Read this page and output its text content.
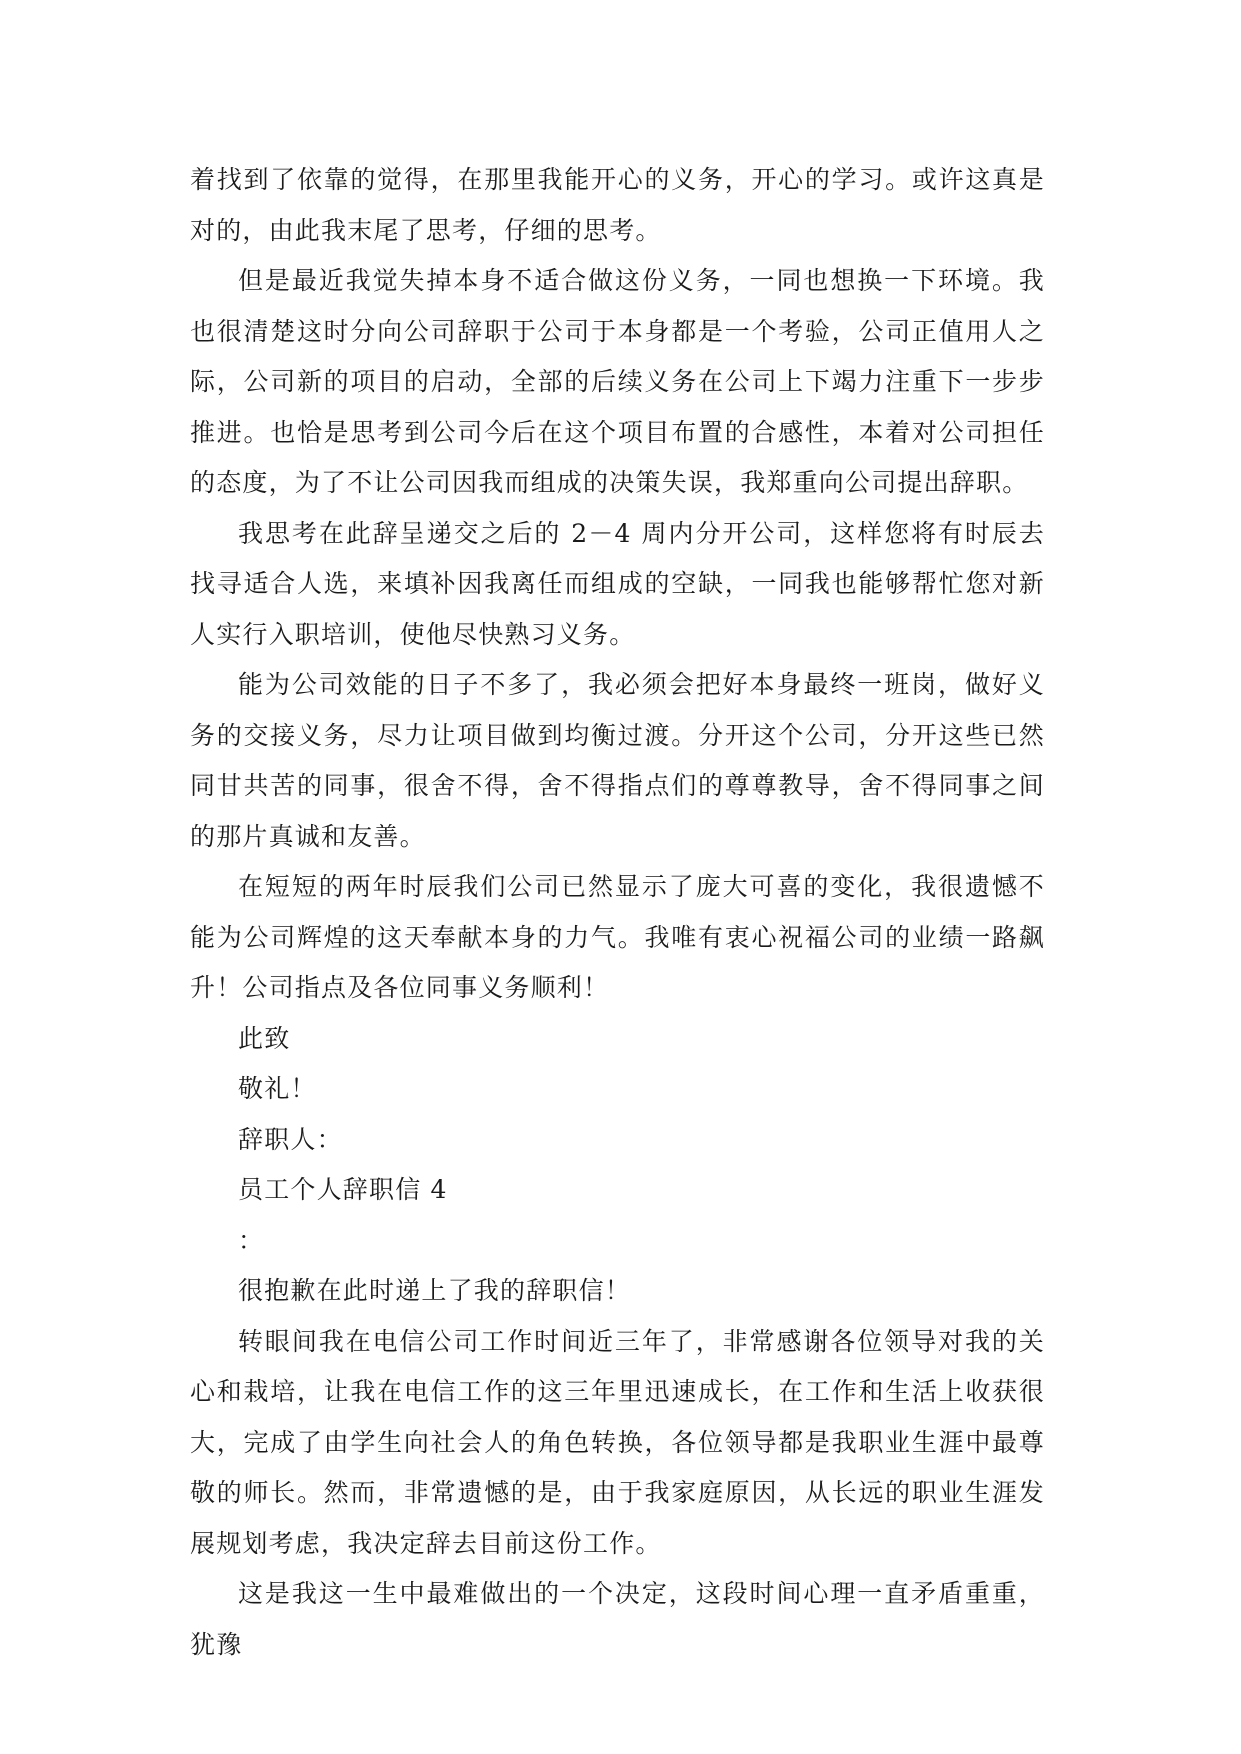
着找到了依靠的觉得，在那里我能开心的义务，开心的学习。或许这真是对的，由此我末尾了思考，仔细的思考。

但是最近我觉失掉本身不适合做这份义务，一同也想换一下环境。我也很清楚这时分向公司辞职于公司于本身都是一个考验，公司正值用人之际，公司新的项目的启动，全部的后续义务在公司上下竭力注重下一步步推进。也恰是思考到公司今后在这个项目布置的合感性，本着对公司担任的态度，为了不让公司因我而组成的决策失误，我郑重向公司提出辞职。

我思考在此辞呈递交之后的 2－4 周内分开公司，这样您将有时辰去找寻适合人选，来填补因我离任而组成的空缺，一同我也能够帮忙您对新人实行入职培训，使他尽快熟习义务。

能为公司效能的日子不多了，我必须会把好本身最终一班岗，做好义务的交接义务，尽力让项目做到均衡过渡。分开这个公司，分开这些已然同甘共苦的同事，很舍不得，舍不得指点们的尊尊教导，舍不得同事之间的那片真诚和友善。

在短短的两年时辰我们公司已然显示了庞大可喜的变化，我很遗憾不能为公司辉煌的这天奉献本身的力气。我唯有衷心祝福公司的业绩一路飙升！公司指点及各位同事义务顺利！

此致

敬礼！

辞职人：

员工个人辞职信 4

：

很抱歉在此时递上了我的辞职信！

转眼间我在电信公司工作时间近三年了，非常感谢各位领导对我的关心和栽培，让我在电信工作的这三年里迅速成长，在工作和生活上收获很大，完成了由学生向社会人的角色转换，各位领导都是我职业生涯中最尊敬的师长。然而，非常遗憾的是，由于我家庭原因，从长远的职业生涯发展规划考虑，我决定辞去目前这份工作。

这是我这一生中最难做出的一个决定，这段时间心理一直矛盾重重，犹豫
